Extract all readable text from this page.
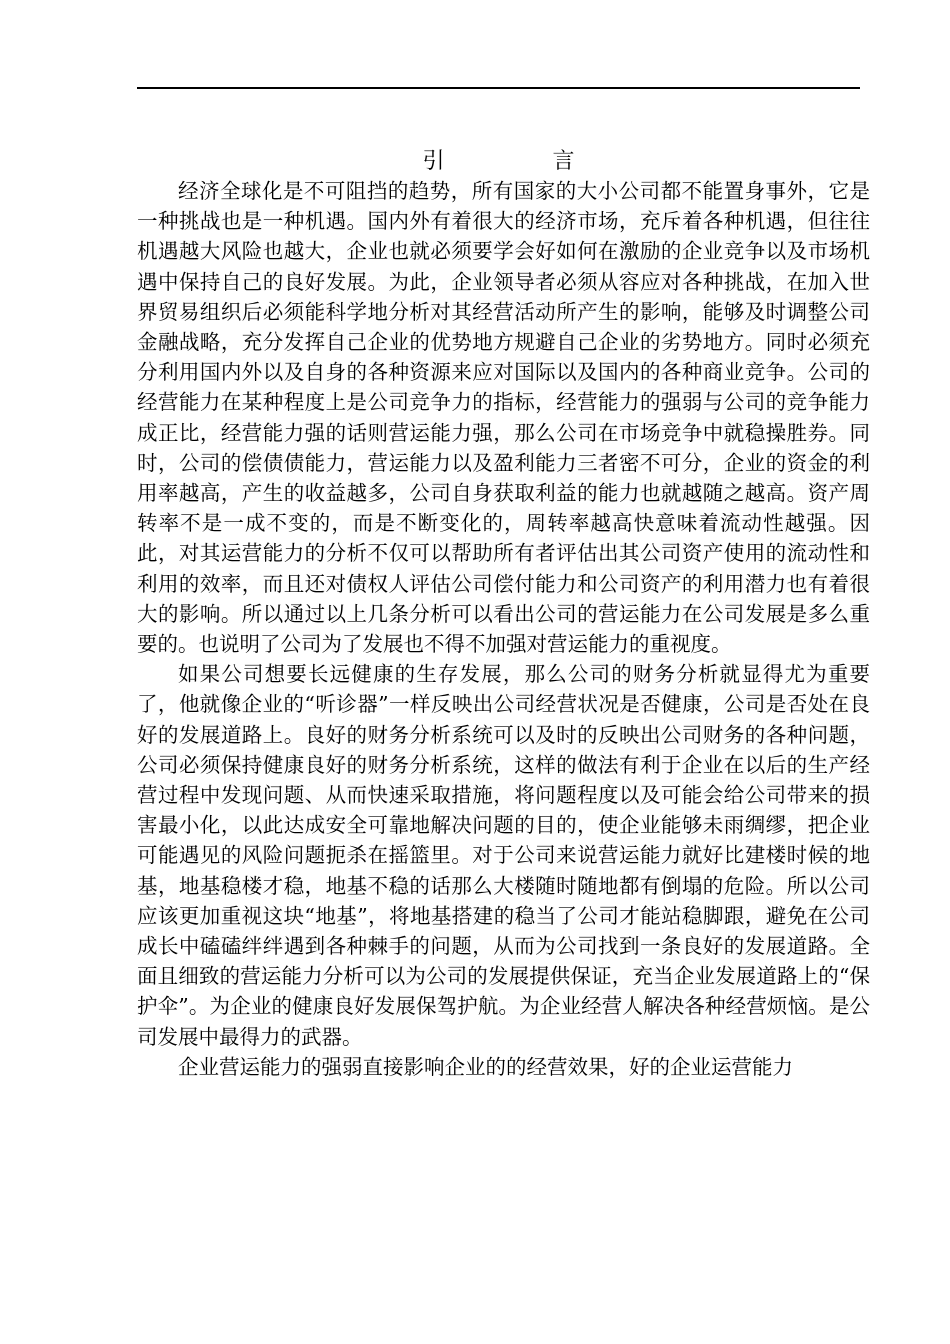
引	言

经济全球化是不可阻挡的趋势，所有国家的大小公司都不能置身事外，它是一种挑战也是一种机遇。国内外有着很大的经济市场，充斥着各种机遇，但往往机遇越大风险也越大，企业也就必须要学会好如何在激励的企业竞争以及市场机遇中保持自己的良好发展。为此，企业领导者必须从容应对各种挑战，在加入世界贸易组织后必须能科学地分析对其经营活动所产生的影响，能够及时调整公司金融战略，充分发挥自己企业的优势地方规避自己企业的劣势地方。同时必须充分利用国内外以及自身的各种资源来应对国际以及国内的各种商业竞争。公司的经营能力在某种程度上是公司竞争力的指标，经营能力的强弱与公司的竞争能力成正比，经营能力强的话则营运能力强，那么公司在市场竞争中就稳操胜券。同时，公司的偿债债能力，营运能力以及盈利能力三者密不可分，企业的资金的利用率越高，产生的收益越多，公司自身获取利益的能力也就越随之越高。资产周转率不是一成不变的，而是不断变化的，周转率越高快意味着流动性越强。因此，对其运营能力的分析不仅可以帮助所有者评估出其公司资产使用的流动性和利用的效率，而且还对债权人评估公司偿付能力和公司资产的利用潜力也有着很大的影响。所以通过以上几条分析可以看出公司的营运能力在公司发展是多么重要的。也说明了公司为了发展也不得不加强对营运能力的重视度。

如果公司想要长远健康的生存发展，那么公司的财务分析就显得尤为重要了，他就像企业的“听诊器”一样反映出公司经营状况是否健康，公司是否处在良好的发展道路上。良好的财务分析系统可以及时的反映出公司财务的各种问题，公司必须保持健康良好的财务分析系统，这样的做法有利于企业在以后的生产经营过程中发现问题、从而快速采取措施，将问题程度以及可能会给公司带来的损害最小化，以此达成安全可靠地解决问题的目的，使企业能够未雨绸缪，把企业可能遇见的风险问题扼杀在摇篮里。对于公司来说营运能力就好比建楼时候的地基，地基稳楼才稳，地基不稳的话那么大楼随时随地都有倒塌的危险。所以公司应该更加重视这块“地基”，将地基搭建的稳当了公司才能站稳脚跟，避免在公司成长中磕磕绊绊遇到各种棘手的问题，从而为公司找到一条良好的发展道路。全面且细致的营运能力分析可以为公司的发展提供保证，充当企业发展道路上的“保护伞”。为企业的健康良好发展保驾护航。为企业经营人解决各种经营烦恼。是公司发展中最得力的武器。

企业营运能力的强弱直接影响企业的的经营效果，好的企业运营能力
